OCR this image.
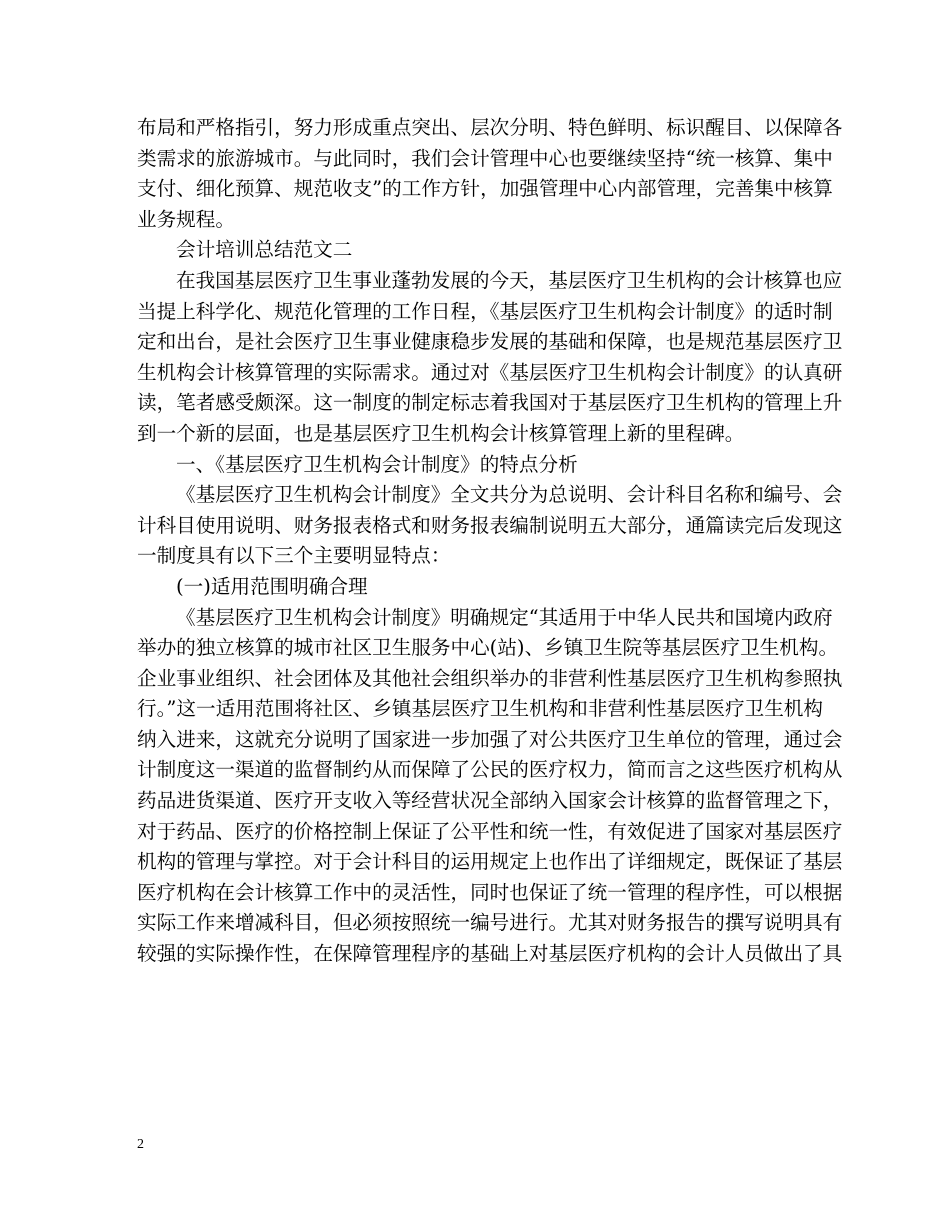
布局和严格指引，努力形成重点突出、层次分明、特色鲜明、标识醒目、以保障各
类需求的旅游城市。与此同时，我们会计管理中心也要继续坚持“统一核算、集中
支付、细化预算、规范收支”的工作方针，加强管理中心内部管理，完善集中核算
业务规程。
会计培训总结范文二
在我国基层医疗卫生事业蓬勃发展的今天，基层医疗卫生机构的会计核算也应
当提上科学化、规范化管理的工作日程，《基层医疗卫生机构会计制度》的适时制
定和出台，是社会医疗卫生事业健康稳步发展的基础和保障，也是规范基层医疗卫
生机构会计核算管理的实际需求。通过对《基层医疗卫生机构会计制度》的认真研
读，笔者感受颇深。这一制度的制定标志着我国对于基层医疗卫生机构的管理上升
到一个新的层面，也是基层医疗卫生机构会计核算管理上新的里程碑。
一、《基层医疗卫生机构会计制度》的特点分析
《基层医疗卫生机构会计制度》全文共分为总说明、会计科目名称和编号、会
计科目使用说明、财务报表格式和财务报表编制说明五大部分，通篇读完后发现这
一制度具有以下三个主要明显特点：
(一)适用范围明确合理
《基层医疗卫生机构会计制度》明确规定“其适用于中华人民共和国境内政府
举办的独立核算的城市社区卫生服务中心(站)、乡镇卫生院等基层医疗卫生机构。
企业事业组织、社会团体及其他社会组织举办的非营利性基层医疗卫生机构参照执
行。”这一适用范围将社区、乡镇基层医疗卫生机构和非营利性基层医疗卫生机构
纳入进来，这就充分说明了国家进一步加强了对公共医疗卫生单位的管理，通过会
计制度这一渠道的监督制约从而保障了公民的医疗权力，简而言之这些医疗机构从
药品进货渠道、医疗开支收入等经营状况全部纳入国家会计核算的监督管理之下，
对于药品、医疗的价格控制上保证了公平性和统一性，有效促进了国家对基层医疗
机构的管理与掌控。对于会计科目的运用规定上也作出了详细规定，既保证了基层
医疗机构在会计核算工作中的灵活性，同时也保证了统一管理的程序性，可以根据
实际工作来增减科目，但必须按照统一编号进行。尤其对财务报告的撰写说明具有
较强的实际操作性，在保障管理程序的基础上对基层医疗机构的会计人员做出了具
2
